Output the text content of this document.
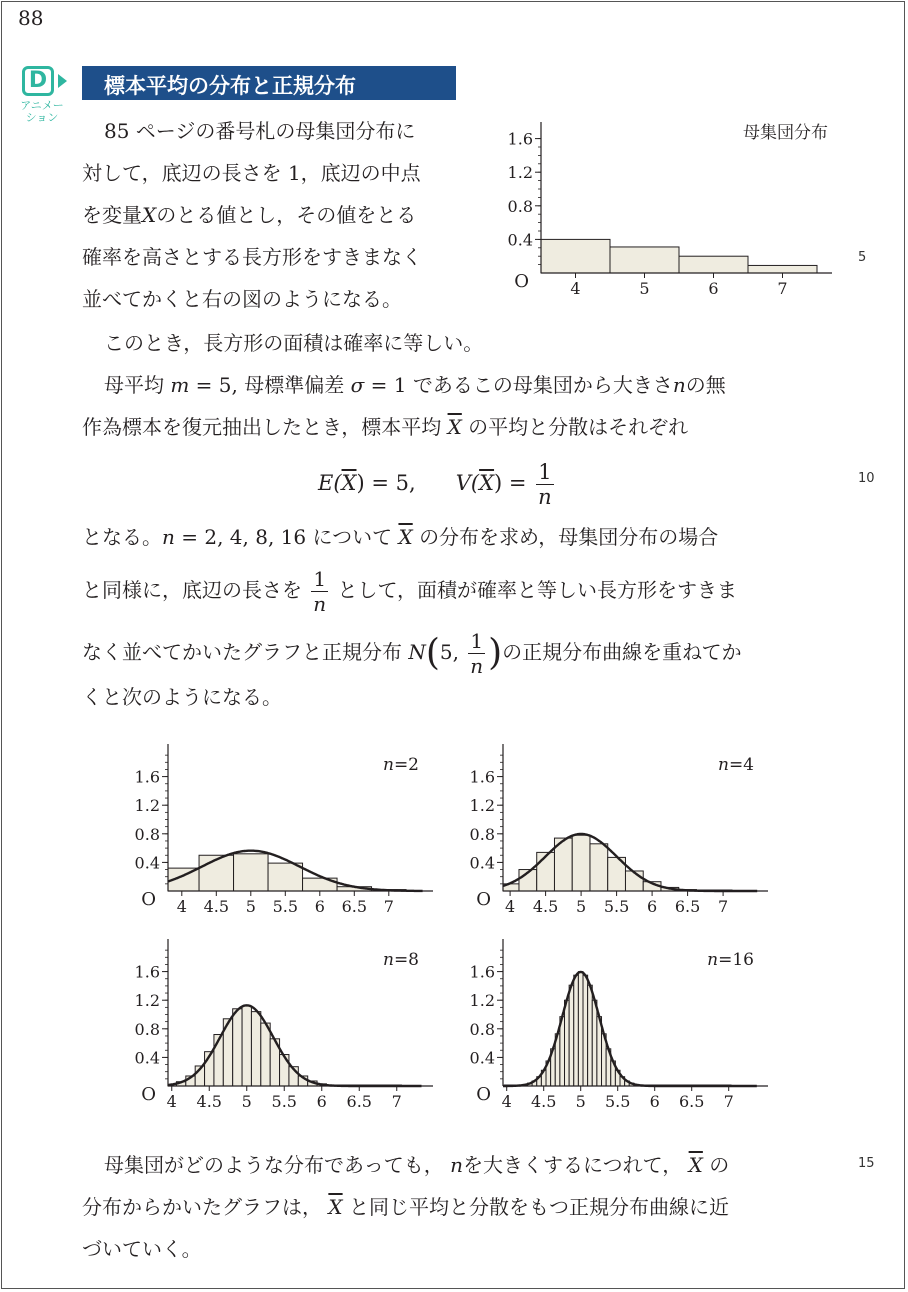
88
D
アニメー
ション
標本平均の分布と正規分布
85 ページの番号札の母集団分布に
対して，底辺の長さを 1，底辺の中点
を変量Xのとる値とし，その値をとる
確率を高さとする長方形をすきまなく
並べてかくと右の図のようになる。
5
このとき，長方形の面積は確率に等しい。
母平均 m = 5, 母標準偏差 σ = 1 であるこの母集団から大きさnの無
作為標本を復元抽出したとき，標本平均 $\overline{X}$ の平均と分散はそれぞれ
$E(\overline{X}) = 5$, $V(\overline{X}) = \frac{1}{n}$	10
となる。n = 2, 4, 8, 16 について $\overline{X}$ の分布を求め，母集団分布の場合
と同様に，底辺の長さを $\frac{1}{n}$ として，面積が確率と等しい長方形をすきま
なく並べてかいたグラフと正規分布 N(5, $\frac{1}{n}$ )の正規分布曲線を重ねてか
くと次のようになる。
母集団がどのような分布であっても， nを大きくするにつれて， $\overline{X}$ の
分布からかいたグラフは， $\overline{X}$ と同じ平均と分散をもつ正規分布曲線に近
づいていく。
15
0.4
0.8
1.2
1.6
4	5	6	7
O
母集団分布
0.4
0.8
1.2
1.6
4 4.5 5 5.5 6 6.5 7
O
n=2
0.4
0.8
1.2
1.6
4 4.5 5 5.5 6 6.5 7
O
n=4
0.4
0.8
1.2
1.6
4 4.5 5 5.5 6 6.5 7
O
n=8
0.4
0.8
1.2
1.6
4 4.5 5 5.5 6 6.5 7
O
n=16
